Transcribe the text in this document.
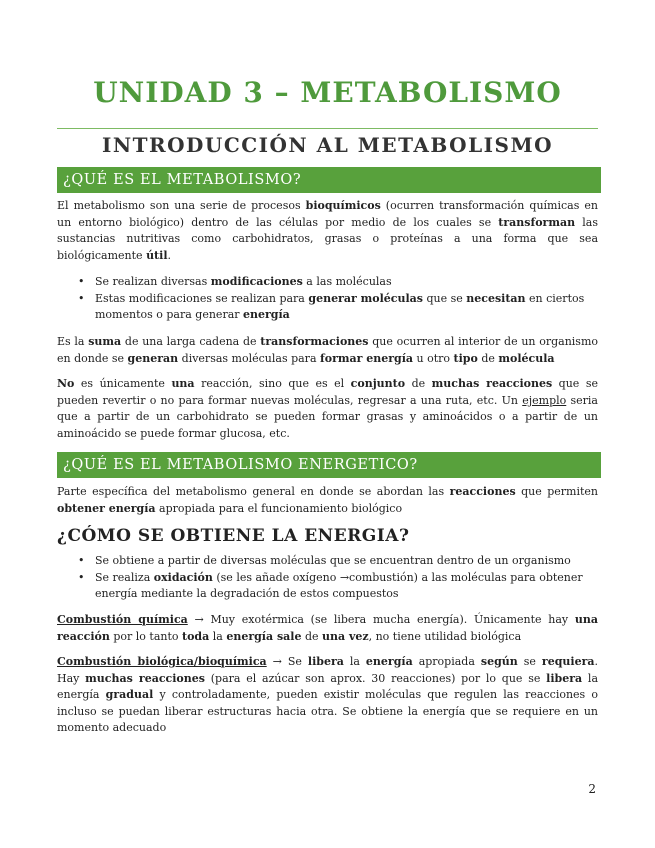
UNIDAD 3 – METABOLISMO
INTRODUCCIÓN AL METABOLISMO
¿QUÉ ES EL METABOLISMO?

El metabolismo son una serie de procesos bioquímicos (ocurren transformación químicas en un entorno biológico) dentro de las células por medio de los cuales se transforman las sustancias nutritivas como carbohidratos, grasas o proteínas a una forma que sea biológicamente útil.

• Se realizan diversas modificaciones a las moléculas
• Estas modificaciones se realizan para generar moléculas que se necesitan en ciertos momentos o para generar energía

Es la suma de una larga cadena de transformaciones que ocurren al interior de un organismo en donde se generan diversas moléculas para formar energía u otro tipo de molécula

No es únicamente una reacción, sino que es el conjunto de muchas reacciones que se pueden revertir o no para formar nuevas moléculas, regresar a una ruta, etc. Un ejemplo seria que a partir de un carbohidrato se pueden formar grasas y aminoácidos o a partir de un aminoácido se puede formar glucosa, etc.

¿QUÉ ES EL METABOLISMO ENERGETICO?

Parte específica del metabolismo general en donde se abordan las reacciones que permiten obtener energía apropiada para el funcionamiento biológico

¿CÓMO SE OBTIENE LA ENERGIA?
• Se obtiene a partir de diversas moléculas que se encuentran dentro de un organismo
• Se realiza oxidación (se les añade oxígeno →combustión) a las moléculas para obtener energía mediante la degradación de estos compuestos

Combustión química → Muy exotérmica (se libera mucha energía). Únicamente hay una reacción por lo tanto toda la energía sale de una vez, no tiene utilidad biológica

Combustión biológica/bioquímica → Se libera la energía apropiada según se requiera. Hay muchas reacciones (para el azúcar son aprox. 30 reacciones) por lo que se libera la energía gradual y controladamente, pueden existir moléculas que regulen las reacciones o incluso se puedan liberar estructuras hacia otra. Se obtiene la energía que se requiere en un momento adecuado

2
